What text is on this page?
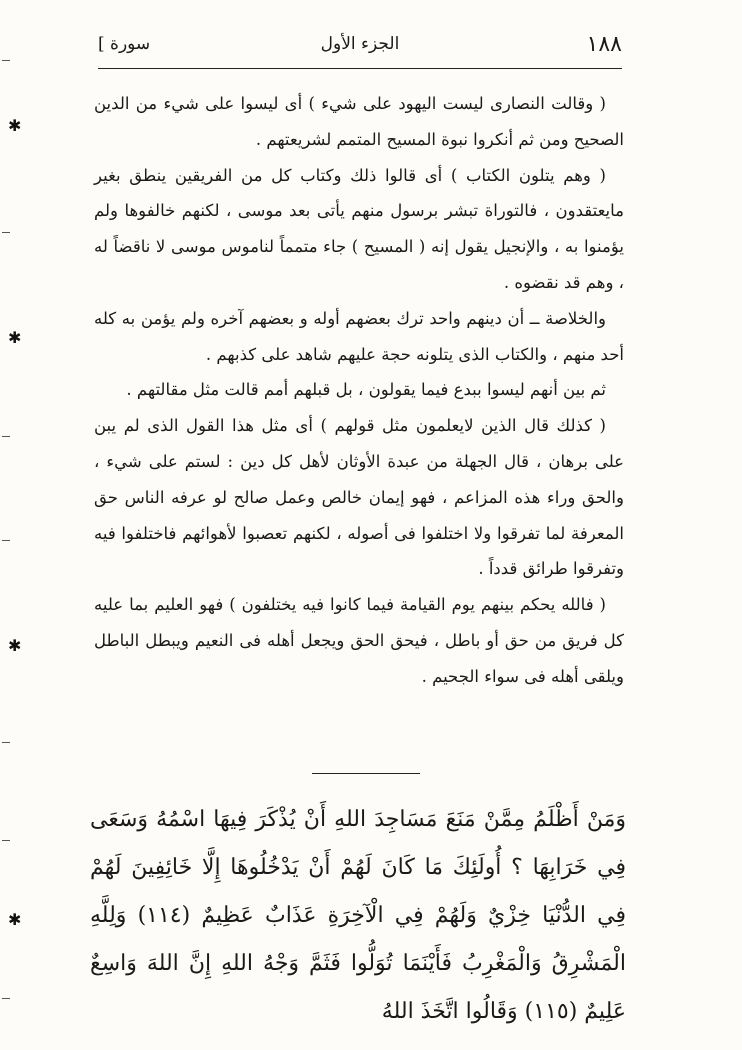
١٨٨
الجزء الأول
سورة ]

( وقالت النصارى ليست اليهود على شيء ) أى ليسوا على شيء من الدين الصحيح ومن ثم أنكروا نبوة المسيح المتمم لشريعتهم .

( وهم يتلون الكتاب ) أى قالوا ذلك وكتاب كل من الفريقين ينطق بغير مايعتقدون ، فالتوراة تبشر برسول منهم يأتى بعد موسى ، لكنهم خالفوها ولم يؤمنوا به ، والإنجيل يقول إنه ( المسيح ) جاء متمماً لناموس موسى لا ناقضاً له ، وهم قد نقضوه .

والخلاصة ــ أن دينهم واحد ترك بعضهم أوله و بعضهم آخره ولم يؤمن به كله أحد منهم ، والكتاب الذى يتلونه حجة عليهم شاهد على كذبهم .

ثم بين أنهم ليسوا ببدع فيما يقولون ، بل قبلهم أمم قالت مثل مقالتهم .

( كذلك قال الذين لايعلمون مثل قولهم ) أى مثل هذا القول الذى لم يبن على برهان ، قال الجهلة من عبدة الأوثان لأهل كل دين : لستم على شيء ، والحق وراء هذه المزاعم ، فهو إيمان خالص وعمل صالح لو عرفه الناس حق المعرفة لما تفرقوا ولا اختلفوا فى أصوله ، لكنهم تعصبوا لأهوائهم فاختلفوا فيه وتفرقوا طرائق قدداً .

( فالله يحكم بينهم يوم القيامة فيما كانوا فيه يختلفون ) فهو العليم بما عليه كل فريق من حق أو باطل ، فيحق الحق ويجعل أهله فى النعيم ويبطل الباطل ويلقى أهله فى سواء الجحيم .

وَمَنْ أَظْلَمُ مِمَّنْ مَنَعَ مَسَاجِدَ اللهِ أَنْ يُذْكَرَ فِيهَا اسْمُهُ وَسَعَى فِي خَرَابِهَا ؟ أُولَئِكَ مَا كَانَ لَهُمْ أَنْ يَدْخُلُوهَا إِلَّا خَائِفِينَ لَهُمْ فِي الدُّنْيَا خِزْيٌ وَلَهُمْ فِي الْآخِرَةِ عَذَابٌ عَظِيمٌ (١١٤) وَلِلَّهِ الْمَشْرِقُ وَالْمَغْرِبُ فَأَيْنَمَا تُوَلُّوا فَثَمَّ وَجْهُ اللهِ إِنَّ اللهَ وَاسِعٌ عَلِيمٌ (١١٥) وَقَالُوا اتَّخَذَ اللهُ

✱
✱
✱
✱
